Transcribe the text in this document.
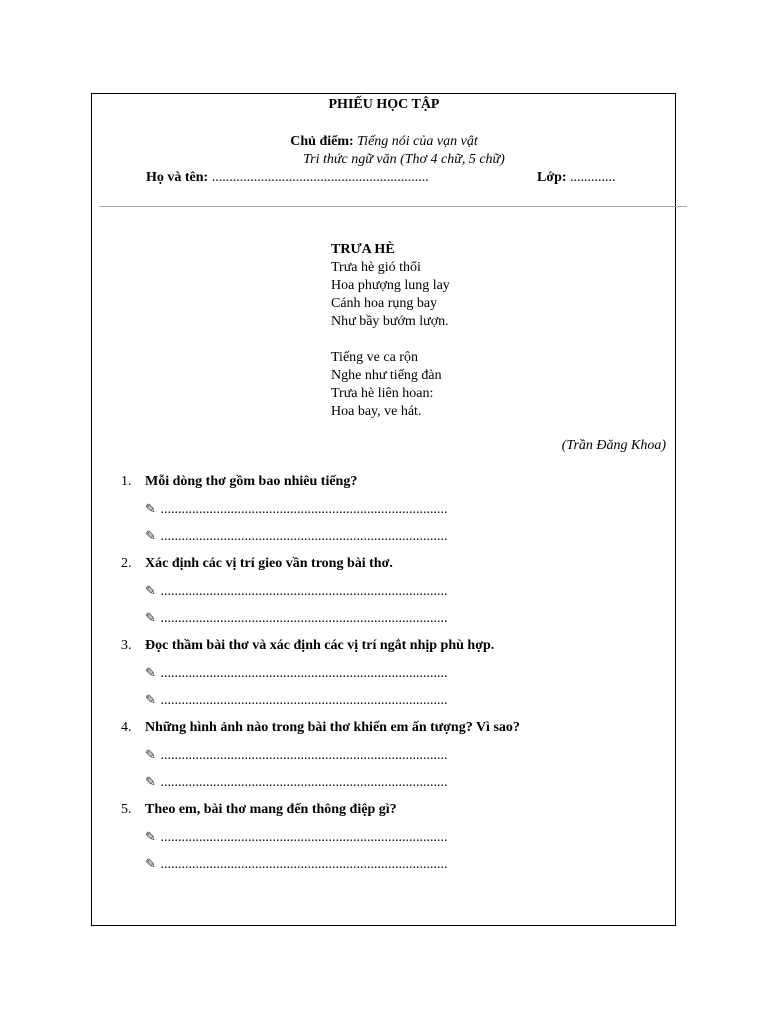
PHIẾU HỌC TẬP
Chủ điểm: Tiếng nói của vạn vật
Tri thức ngữ văn (Thơ 4 chữ, 5 chữ)
Họ và tên: ..............................................................	Lớp: .............
TRƯA HÈ
Trưa hè gió thổi
Hoa phượng lung lay
Cánh hoa rụng bay
Như bầy bướm lượn.
Tiếng ve ca rộn
Nghe như tiếng đàn
Trưa hè liên hoan:
Hoa bay, ve hát.
(Trần Đăng Khoa)
1. Mỗi dòng thơ gồm bao nhiêu tiếng?
✎ ..................................................................................
✎ ..................................................................................
2. Xác định các vị trí gieo vần trong bài thơ.
✎ ..................................................................................
✎ ..................................................................................
3. Đọc thầm bài thơ và xác định các vị trí ngắt nhịp phù hợp.
✎ ..................................................................................
✎ ..................................................................................
4. Những hình ảnh nào trong bài thơ khiến em ấn tượng? Vì sao?
✎ ..................................................................................
✎ ..................................................................................
5. Theo em, bài thơ mang đến thông điệp gì?
✎ ..................................................................................
✎ ..................................................................................
